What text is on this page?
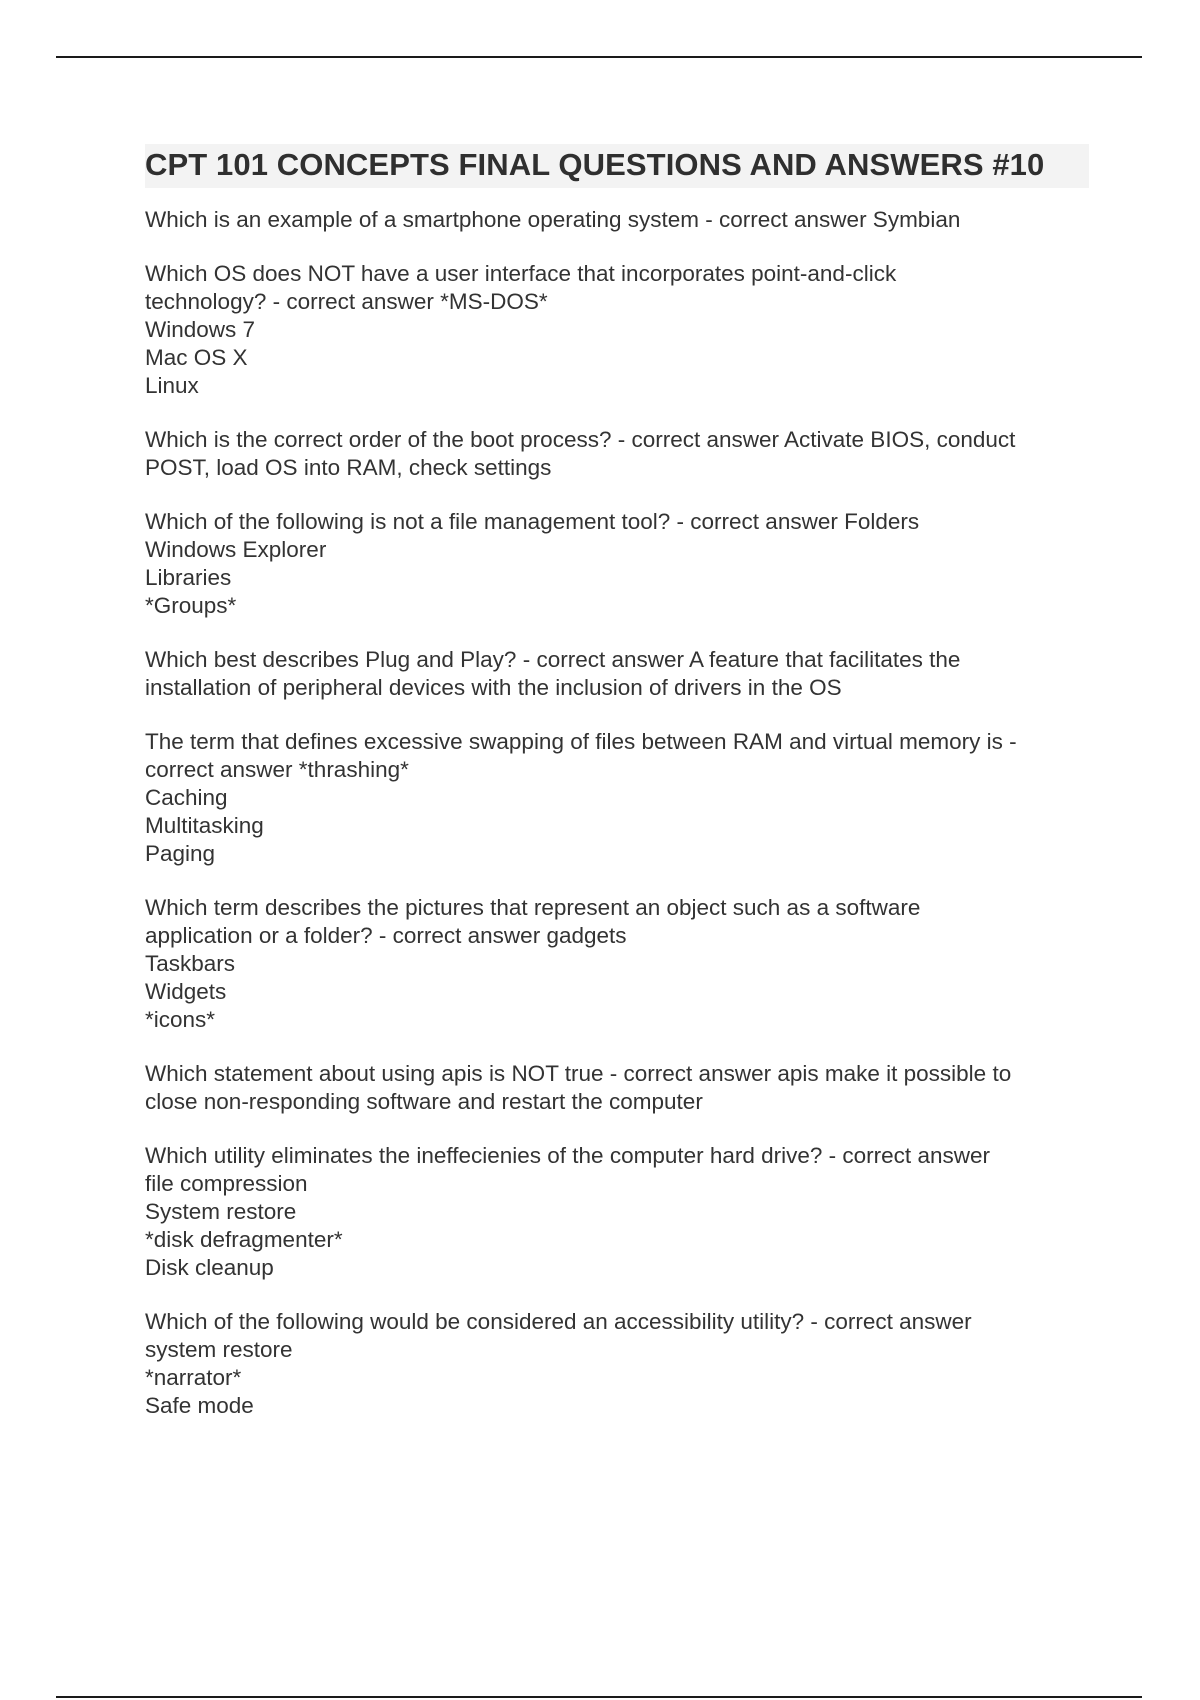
CPT 101 CONCEPTS FINAL QUESTIONS AND ANSWERS #10
Which is an example of a smartphone operating system - correct answer Symbian
Which OS does NOT have a user interface that incorporates point-and-click
technology? - correct answer *MS-DOS*
Windows 7
Mac OS X
Linux
Which is the correct order of the boot process? - correct answer Activate BIOS, conduct
POST, load OS into RAM, check settings
Which of the following is not a file management tool? - correct answer Folders
Windows Explorer
Libraries
*Groups*
Which best describes Plug and Play? - correct answer A feature that facilitates the
installation of peripheral devices with the inclusion of drivers in the OS
The term that defines excessive swapping of files between RAM and virtual memory is -
correct answer *thrashing*
Caching
Multitasking
Paging
Which term describes the pictures that represent an object such as a software
application or a folder? - correct answer gadgets
Taskbars
Widgets
*icons*
Which statement about using apis is NOT true - correct answer apis make it possible to
close non-responding software and restart the computer
Which utility eliminates the ineffecienies of the computer hard drive? - correct answer
file compression
System restore
*disk defragmenter*
Disk cleanup
Which of the following would be considered an accessibility utility? - correct answer
system restore
*narrator*
Safe mode
